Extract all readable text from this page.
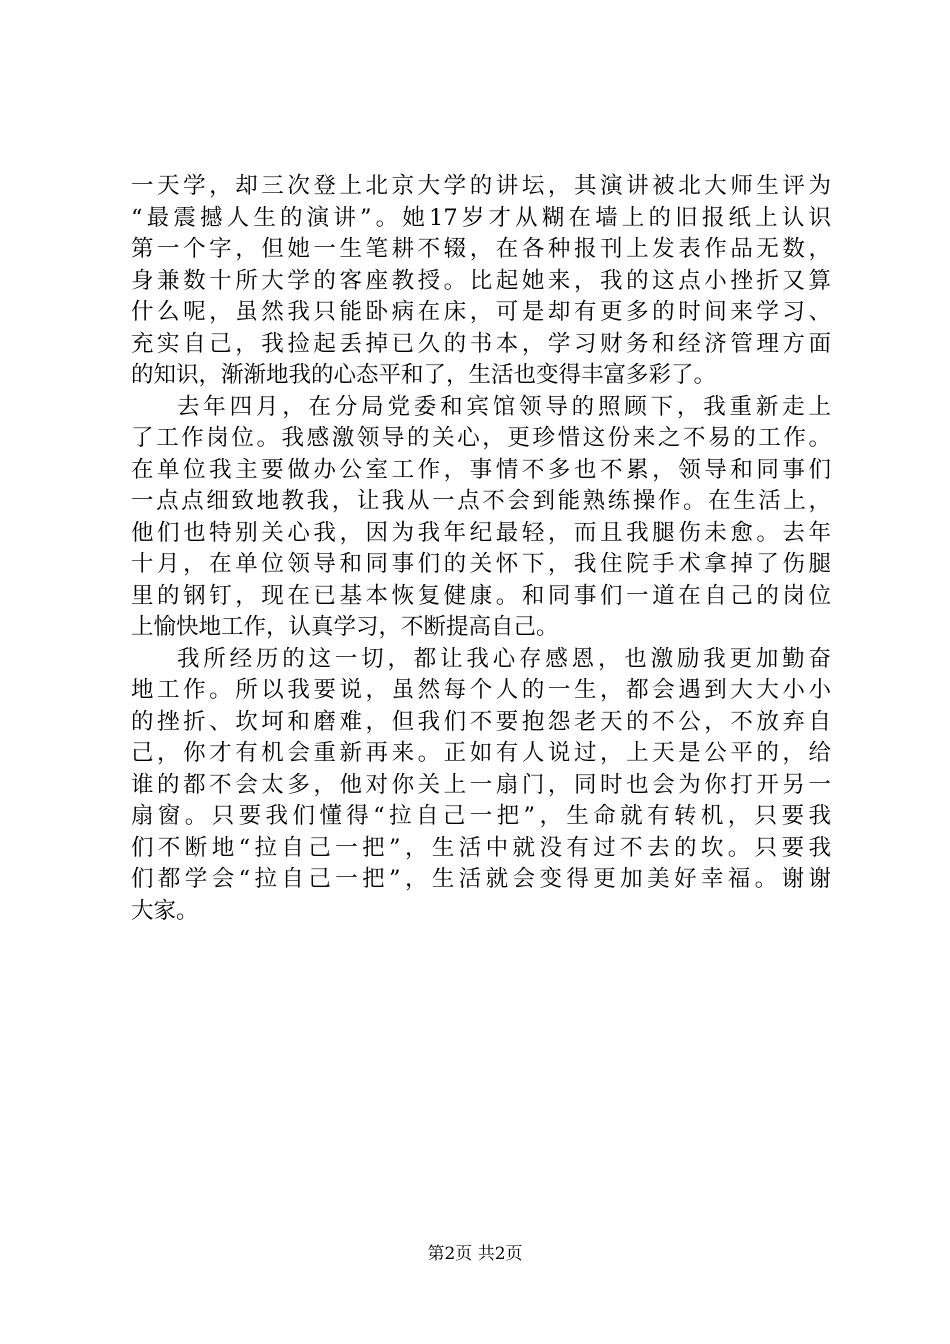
一天学，却三次登上北京大学的讲坛，其演讲被北大师生评为
“最震撼人生的演讲”。她17岁才从糊在墙上的旧报纸上认识
第一个字，但她一生笔耕不辍，在各种报刊上发表作品无数，
身兼数十所大学的客座教授。比起她来，我的这点小挫折又算
什么呢，虽然我只能卧病在床，可是却有更多的时间来学习、
充实自己，我捡起丢掉已久的书本，学习财务和经济管理方面
的知识，渐渐地我的心态平和了，生活也变得丰富多彩了。
去年四月，在分局党委和宾馆领导的照顾下，我重新走上
了工作岗位。我感激领导的关心，更珍惜这份来之不易的工作。
在单位我主要做办公室工作，事情不多也不累，领导和同事们
一点点细致地教我，让我从一点不会到能熟练操作。在生活上，
他们也特别关心我，因为我年纪最轻，而且我腿伤未愈。去年
十月，在单位领导和同事们的关怀下，我住院手术拿掉了伤腿
里的钢钉，现在已基本恢复健康。和同事们一道在自己的岗位
上愉快地工作，认真学习，不断提高自己。
我所经历的这一切，都让我心存感恩，也激励我更加勤奋
地工作。所以我要说，虽然每个人的一生，都会遇到大大小小
的挫折、坎坷和磨难，但我们不要抱怨老天的不公，不放弃自
己，你才有机会重新再来。正如有人说过，上天是公平的，给
谁的都不会太多，他对你关上一扇门，同时也会为你打开另一
扇窗。只要我们懂得“拉自己一把”，生命就有转机，只要我
们不断地“拉自己一把”，生活中就没有过不去的坎。只要我
们都学会“拉自己一把”，生活就会变得更加美好幸福。谢谢
大家。
第2页 共2页
